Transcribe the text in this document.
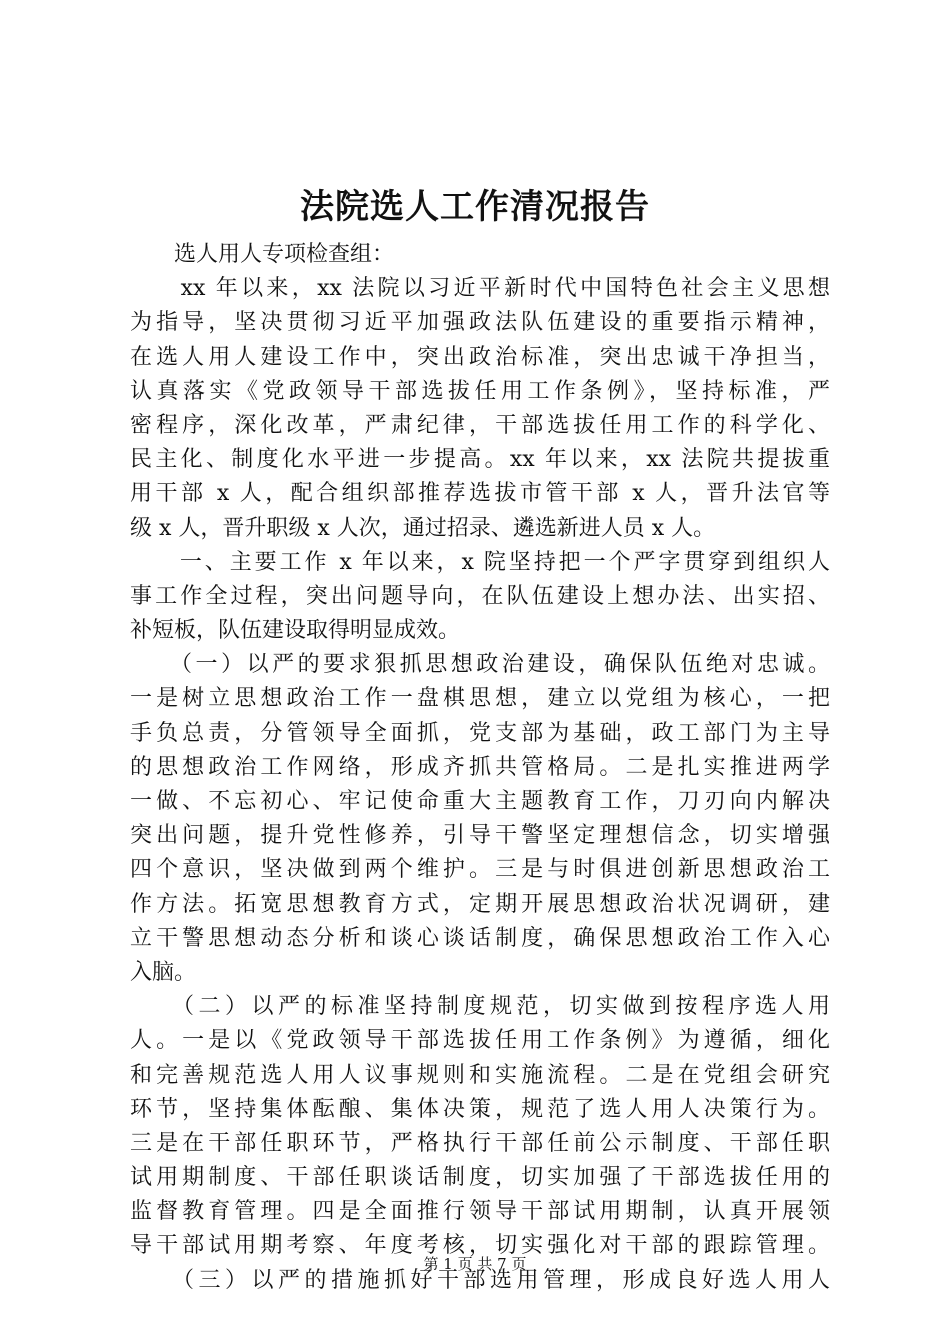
法院选人工作清况报告
　　选人用人专项检查组：
　　xx 年以来，xx 法院以习近平新时代中国特色社会主义思想
为指导，坚决贯彻习近平加强政法队伍建设的重要指示精神，
在选人用人建设工作中，突出政治标准，突出忠诚干净担当，
认真落实《党政领导干部选拔任用工作条例》，坚持标准，严
密程序，深化改革，严肃纪律，干部选拔任用工作的科学化、
民主化、制度化水平进一步提高。xx 年以来，xx 法院共提拔重
用干部 x 人，配合组织部推荐选拔市管干部 x 人，晋升法官等
级 x 人，晋升职级 x 人次，通过招录、遴选新进人员 x 人。
　　一、主要工作 x 年以来，x 院坚持把一个严字贯穿到组织人
事工作全过程，突出问题导向，在队伍建设上想办法、出实招、
补短板，队伍建设取得明显成效。
　　（一）以严的要求狠抓思想政治建设，确保队伍绝对忠诚。
一是树立思想政治工作一盘棋思想，建立以党组为核心，一把
手负总责，分管领导全面抓，党支部为基础，政工部门为主导
的思想政治工作网络，形成齐抓共管格局。二是扎实推进两学
一做、不忘初心、牢记使命重大主题教育工作，刀刃向内解决
突出问题，提升党性修养，引导干警坚定理想信念，切实增强
四个意识，坚决做到两个维护。三是与时俱进创新思想政治工
作方法。拓宽思想教育方式，定期开展思想政治状况调研，建
立干警思想动态分析和谈心谈话制度，确保思想政治工作入心
入脑。
　　（二）以严的标准坚持制度规范，切实做到按程序选人用
人。一是以《党政领导干部选拔任用工作条例》为遵循，细化
和完善规范选人用人议事规则和实施流程。二是在党组会研究
环节，坚持集体酝酿、集体决策，规范了选人用人决策行为。
三是在干部任职环节，严格执行干部任前公示制度、干部任职
试用期制度、干部任职谈话制度，切实加强了干部选拔任用的
监督教育管理。四是全面推行领导干部试用期制，认真开展领
导干部试用期考察、年度考核，切实强化对干部的跟踪管理。
　　（三）以严的措施抓好干部选用管理，形成良好选人用人
第 1 页 共 7 页
